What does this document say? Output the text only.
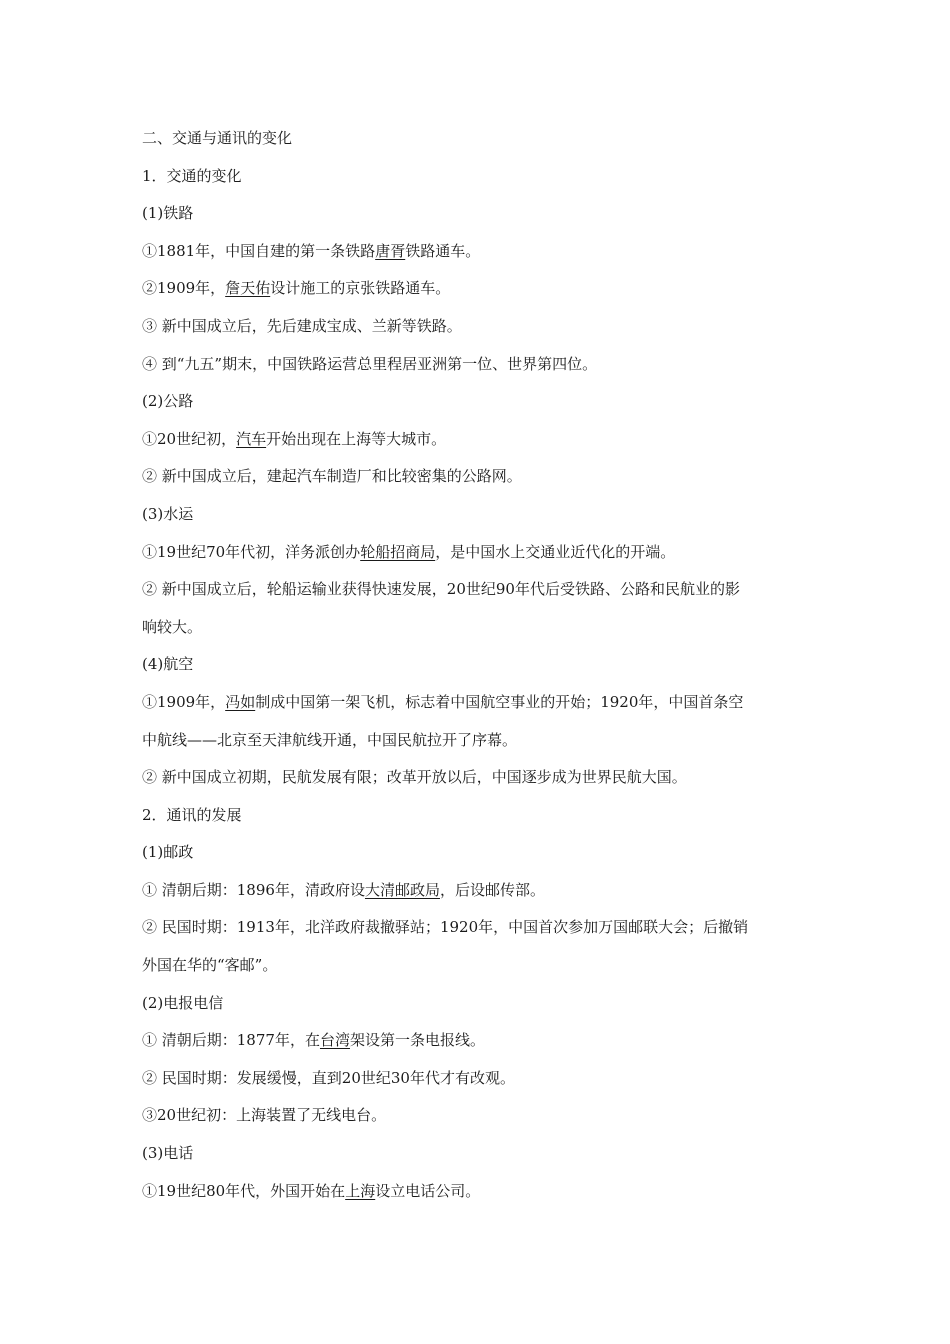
二、交通与通讯的变化
1．交通的变化
(1)铁路
①1881年，中国自建的第一条铁路唐胥铁路通车。
②1909年，詹天佑设计施工的京张铁路通车。
③ 新中国成立后，先后建成宝成、兰新等铁路。
④ 到“九五”期末，中国铁路运营总里程居亚洲第一位、世界第四位。
(2)公路
①20世纪初，汽车开始出现在上海等大城市。
② 新中国成立后，建起汽车制造厂和比较密集的公路网。
(3)水运
①19世纪70年代初，洋务派创办轮船招商局，是中国水上交通业近代化的开端。
② 新中国成立后，轮船运输业获得快速发展，20世纪90年代后受铁路、公路和民航业的影
响较大。
(4)航空
①1909年，冯如制成中国第一架飞机，标志着中国航空事业的开始；1920年，中国首条空
中航线——北京至天津航线开通，中国民航拉开了序幕。
② 新中国成立初期，民航发展有限；改革开放以后，中国逐步成为世界民航大国。
2．通讯的发展
(1)邮政
① 清朝后期：1896年，清政府设大清邮政局，后设邮传部。
② 民国时期：1913年，北洋政府裁撤驿站；1920年，中国首次参加万国邮联大会；后撤销
外国在华的“客邮”。
(2)电报电信
① 清朝后期：1877年，在台湾架设第一条电报线。
② 民国时期：发展缓慢，直到20世纪30年代才有改观。
③20世纪初：上海装置了无线电台。
(3)电话
①19世纪80年代，外国开始在上海设立电话公司。
